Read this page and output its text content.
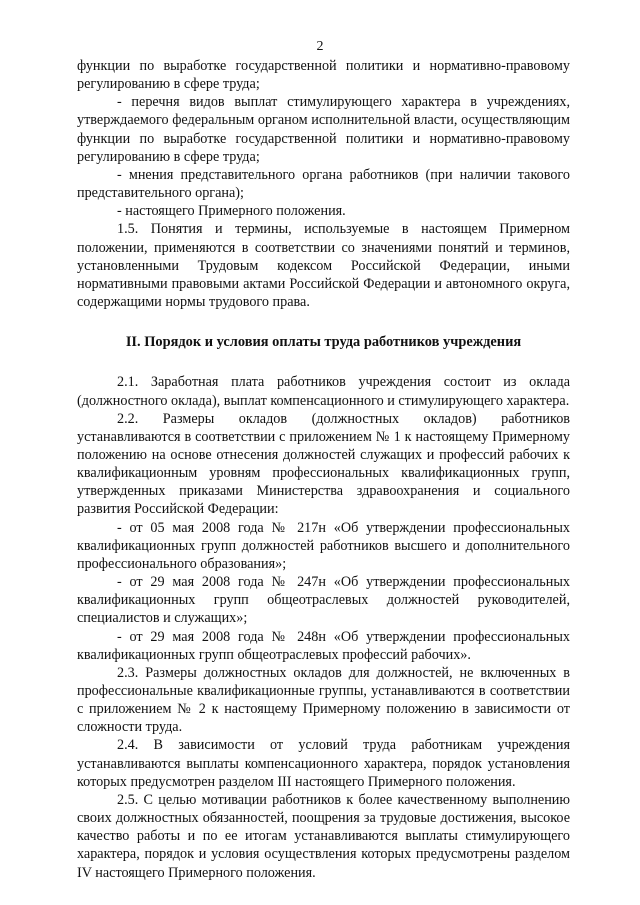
2

функции по выработке государственной политики и нормативно-правовому регулированию в сфере труда;

- перечня видов выплат стимулирующего характера в учреждениях, утверждаемого федеральным органом исполнительной власти, осуществляющим функции по выработке государственной политики и нормативно-правовому регулированию в сфере труда;

- мнения представительного органа работников (при наличии такового представительного органа);

- настоящего Примерного положения.

1.5. Понятия и термины, используемые в настоящем Примерном положении, применяются в соответствии со значениями понятий и терминов, установленными Трудовым кодексом Российской Федерации, иными нормативными правовыми актами Российской Федерации и автономного округа, содержащими нормы трудового права.

II. Порядок и условия оплаты труда работников учреждения

2.1. Заработная плата работников учреждения состоит из оклада (должностного оклада), выплат компенсационного и стимулирующего характера.

2.2. Размеры окладов (должностных окладов) работников устанавливаются в соответствии с приложением № 1 к настоящему Примерному положению на основе отнесения должностей служащих и профессий рабочих к квалификационным уровням профессиональных квалификационных групп, утвержденных приказами Министерства здравоохранения и социального развития Российской Федерации:

- от 05 мая 2008 года № 217н «Об утверждении профессиональных квалификационных групп должностей работников высшего и дополнительного профессионального образования»;

- от 29 мая 2008 года № 247н «Об утверждении профессиональных квалификационных групп общеотраслевых должностей руководителей, специалистов и служащих»;

- от 29 мая 2008 года № 248н «Об утверждении профессиональных квалификационных групп общеотраслевых профессий рабочих».

2.3. Размеры должностных окладов для должностей, не включенных в профессиональные квалификационные группы, устанавливаются в соответствии с приложением № 2 к настоящему Примерному положению в зависимости от сложности труда.

2.4. В зависимости от условий труда работникам учреждения устанавливаются выплаты компенсационного характера, порядок установления которых предусмотрен разделом III настоящего Примерного положения.

2.5. С целью мотивации работников к более качественному выполнению своих должностных обязанностей, поощрения за трудовые достижения, высокое качество работы и по ее итогам устанавливаются выплаты стимулирующего характера, порядок и условия осуществления которых предусмотрены разделом IV настоящего Примерного положения.
